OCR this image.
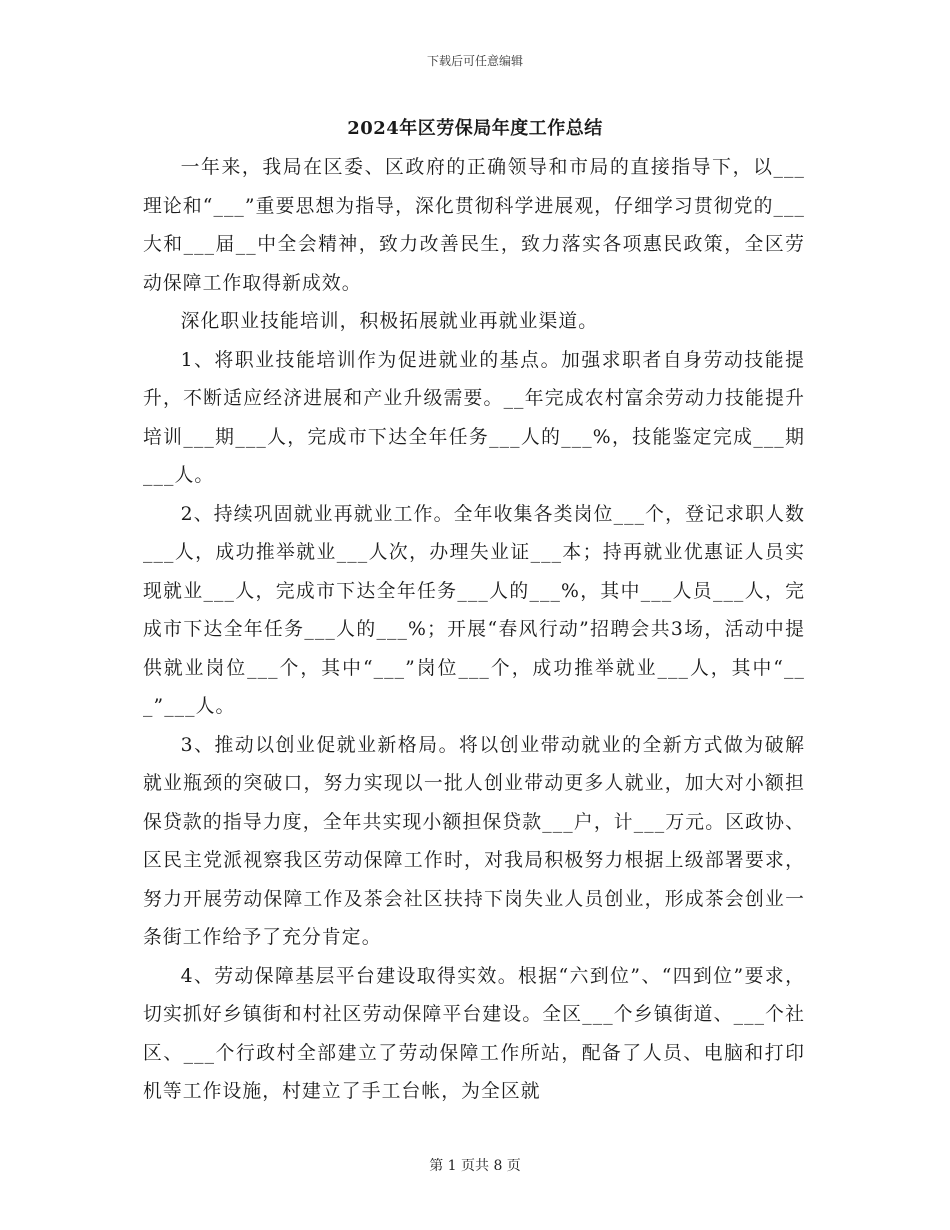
下载后可任意编辑
2024年区劳保局年度工作总结

一年来，我局在区委、区政府的正确领导和市局的直接指导下，以___理论和“___”重要思想为指导，深化贯彻科学进展观，仔细学习贯彻党的___大和___届__中全会精神，致力改善民生，致力落实各项惠民政策，全区劳动保障工作取得新成效。

深化职业技能培训，积极拓展就业再就业渠道。

1、将职业技能培训作为促进就业的基点。加强求职者自身劳动技能提升，不断适应经济进展和产业升级需要。__年完成农村富余劳动力技能提升培训___期___人，完成市下达全年任务___人的___%，技能鉴定完成___期___人。

2、持续巩固就业再就业工作。全年收集各类岗位___个，登记求职人数___人，成功推举就业___人次，办理失业证___本；持再就业优惠证人员实现就业___人，完成市下达全年任务___人的___%，其中___人员___人，完成市下达全年任务___人的___%；开展“春风行动”招聘会共3场，活动中提供就业岗位___个，其中“___”岗位___个，成功推举就业___人，其中“___”___人。

3、推动以创业促就业新格局。将以创业带动就业的全新方式做为破解就业瓶颈的突破口，努力实现以一批人创业带动更多人就业，加大对小额担保贷款的指导力度，全年共实现小额担保贷款___户，计___万元。区政协、区民主党派视察我区劳动保障工作时，对我局积极努力根据上级部署要求，努力开展劳动保障工作及茶会社区扶持下岗失业人员创业，形成茶会创业一条街工作给予了充分肯定。

4、劳动保障基层平台建设取得实效。根据“六到位”、“四到位”要求，切实抓好乡镇街和村社区劳动保障平台建设。全区___个乡镇街道、___个社区、___个行政村全部建立了劳动保障工作所站，配备了人员、电脑和打印机等工作设施，村建立了手工台帐，为全区就

第 1 页共 8 页
